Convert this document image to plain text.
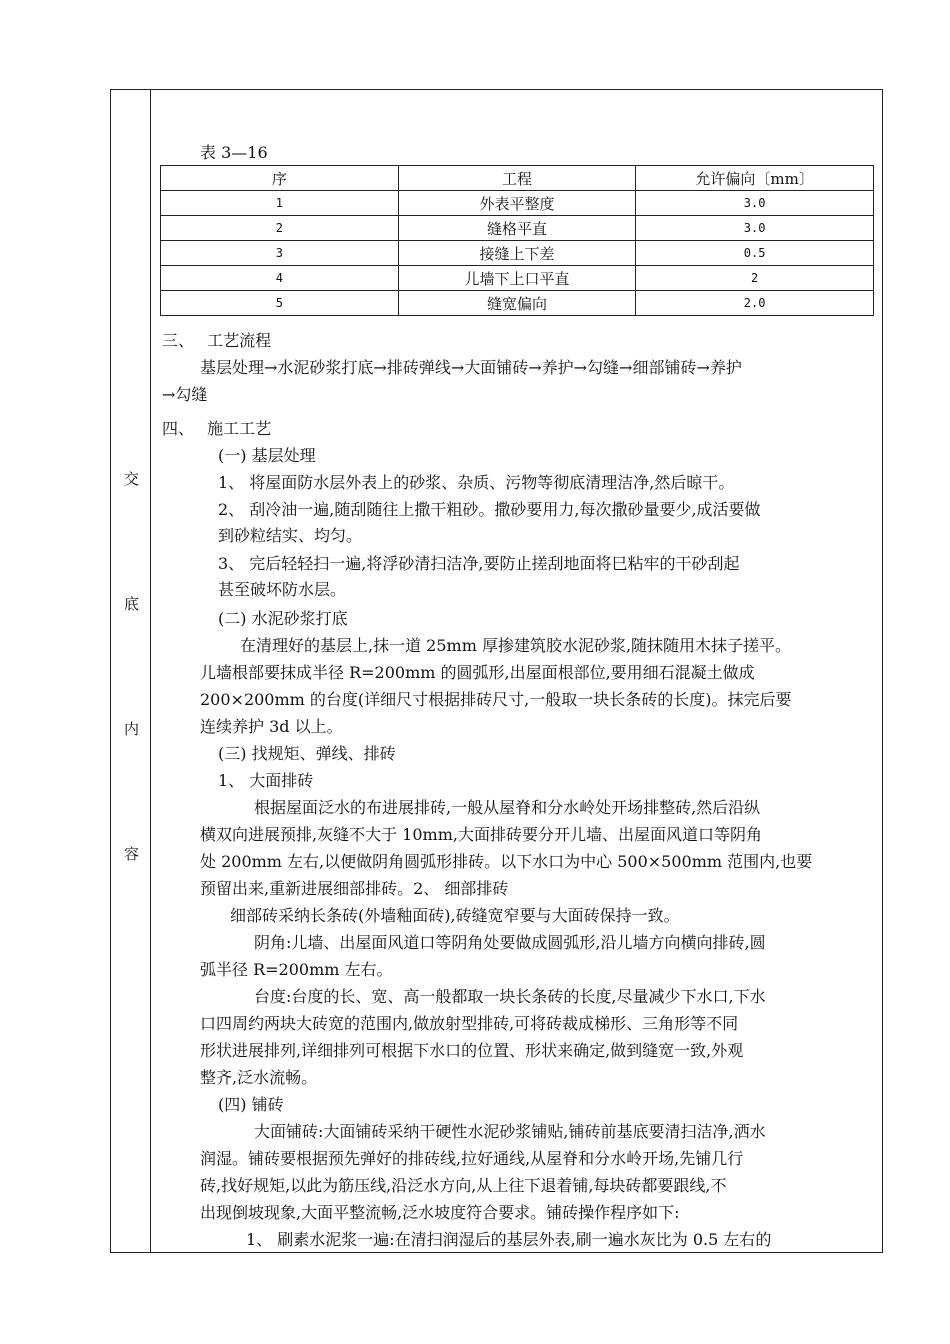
交
底
内
容
表 3—16
序	工程	允许偏向〔mm〕
1	外表平整度	3.0
2	缝格平直	3.0
3	接缝上下差	0.5
4	儿墙下上口平直	2
5	缝宽偏向	2.0
三、　 工艺流程
基层处理→水泥砂浆打底→排砖弹线→大面铺砖→养护→勾缝→细部铺砖→养护
→勾缝
四、　 施工工艺
(一) 基层处理
1、 将屋面防水层外表上的砂浆、杂质、污物等彻底清理洁净,然后晾干。
2、 刮冷油一遍,随刮随往上撒干粗砂。撒砂要用力,每次撒砂量要少,成活要做
到砂粒结实、均匀。
3、 完后轻轻扫一遍,将浮砂清扫洁净,要防止搓刮地面将巳粘牢的干砂刮起
甚至破坏防水层。
(二) 水泥砂浆打底
在清理好的基层上,抹一道 25mm 厚掺建筑胶水泥砂浆,随抹随用木抹子搓平。
儿墙根部要抹成半径 R=200mm 的圆弧形,出屋面根部位,要用细石混凝土做成
200×200mm 的台度(详细尺寸根据排砖尺寸,一般取一块长条砖的长度)。抹完后要
连续养护 3d 以上。
(三) 找规矩、弹线、排砖
1、 大面排砖
根据屋面泛水的布进展排砖,一般从屋脊和分水岭处开场排整砖,然后沿纵
横双向进展预排,灰缝不大于 10mm,大面排砖要分开儿墙、出屋面风道口等阴角
处 200mm 左右,以便做阴角圆弧形排砖。以下水口为中心 500×500mm 范围内,也要
预留出来,重新进展细部排砖。2、 细部排砖
细部砖采纳长条砖(外墙釉面砖),砖缝宽窄要与大面砖保持一致。
阴角:儿墙、出屋面风道口等阴角处要做成圆弧形,沿儿墙方向横向排砖,圆
弧半径 R=200mm 左右。
台度:台度的长、宽、高一般都取一块长条砖的长度,尽量减少下水口,下水
口四周约两块大砖宽的范围内,做放射型排砖,可将砖裁成梯形、三角形等不同
形状进展排列,详细排列可根据下水口的位置、形状来确定,做到缝宽一致,外观
整齐,泛水流畅。
(四) 铺砖
大面铺砖:大面铺砖采纳干硬性水泥砂浆铺贴,铺砖前基底要清扫洁净,洒水
润湿。铺砖要根据预先弹好的排砖线,拉好通线,从屋脊和分水岭开场,先铺几行
砖,找好规矩,以此为筋压线,沿泛水方向,从上往下退着铺,每块砖都要跟线,不
出现倒坡现象,大面平整流畅,泛水坡度符合要求。铺砖操作程序如下:
1、 刷素水泥浆一遍:在清扫润湿后的基层外表,刷一遍水灰比为 0.5 左右的
